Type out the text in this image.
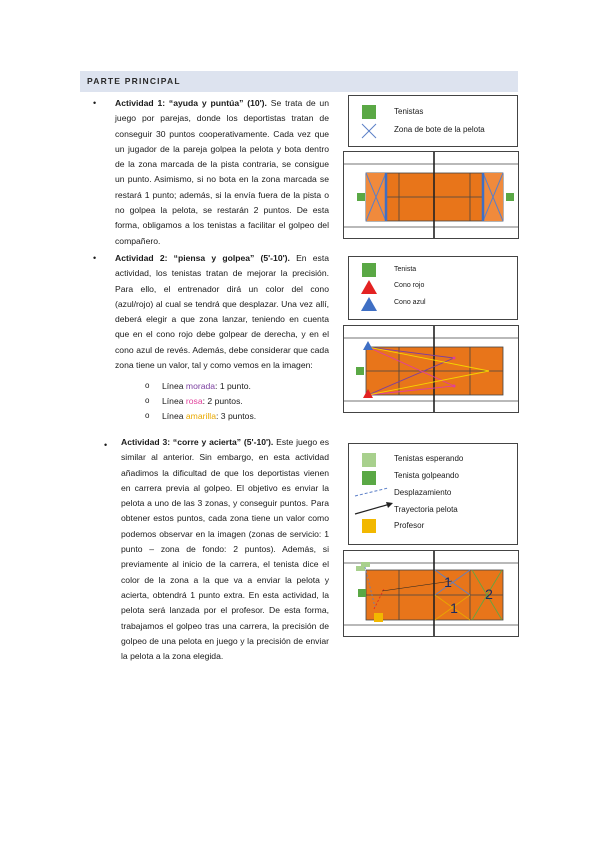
PARTE PRINCIPAL
• Actividad 1: “ayuda y puntúa” (10'). Se trata de un juego por parejas, donde los deportistas tratan de conseguir 30 puntos cooperativamente. Cada vez que un jugador de la pareja golpea la pelota y bota dentro de la zona marcada de la pista contraria, se consigue un punto. Asimismo, si no bota en la zona marcada se restará 1 punto; además, si la envía fuera de la pista o no golpea la pelota, se restarán 2 puntos. De esta forma, obligamos a los tenistas a facilitar el golpeo del compañero.
Tenistas
Zona de bote de la pelota
• Actividad 2: “piensa y golpea” (5'-10'). En esta actividad, los tenistas tratan de mejorar la precisión. Para ello, el entrenador dirá un color del cono (azul/rojo) al cual se tendrá que desplazar. Una vez allí, deberá elegir a que zona lanzar, teniendo en cuenta que en el cono rojo debe golpear de derecha, y en el cono azul de revés. Además, debe considerar que cada zona tiene un valor, tal y como vemos en la imagen:
o Línea morada: 1 punto.
o Línea rosa: 2 puntos.
o Línea amarilla: 3 puntos.
Tenista
Cono rojo
Cono azul
• Actividad 3: “corre y acierta” (5'-10'). Este juego es similar al anterior. Sin embargo, en esta actividad añadimos la dificultad de que los deportistas vienen en carrera previa al golpeo. El objetivo es enviar la pelota a uno de las 3 zonas, y conseguir puntos. Para obtener estos puntos, cada zona tiene un valor como podemos observar en la imagen (zonas de servicio: 1 punto – zona de fondo: 2 puntos). Además, si previamente al inicio de la carrera, el tenista dice el color de la zona a la que va a enviar la pelota y acierta, obtendrá 1 punto extra. En esta actividad, la pelota será lanzada por el profesor. De esta forma, trabajamos el golpeo tras una carrera, la precisión de golpeo de una pelota en juego y la precisión de enviar la pelota a la zona elegida.
Tenistas esperando
Tenista golpeando
Desplazamiento
Trayectoria pelota
Profesor
1
1
2
